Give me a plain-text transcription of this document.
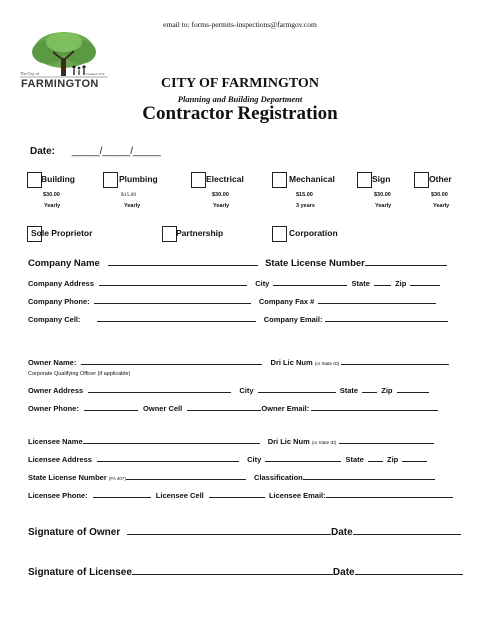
email to: forms-permits-inspections@farmgov.com
The City of	Founded 1876
FARMINGTON	CITY OF FARMINGTON
Planning and Building Department
Contractor Registration
Date: _____/_____/_____
Building
$30.00
Yearly
Plumbing
$15.00
Yearly
Electrical
$30.00
Yearly
Mechanical
$15.00
3 years
Sign
$30.00
Yearly
Other
$30.00
Yearly
Sole Proprietor	Partnership	Corporation
Company Name	State License Number
Company Address	City	State	Zip
Company Phone:	Company Fax #
Company Cell:	Company Email:
Owner Name:	Dri Lic Num (or State ID)
Corporate Qualifying Officer (if applicable)
Owner Address	City	State	Zip
Owner Phone:	Owner Cell	Owner Email:
Licensee Name	Dri Lic Num (or State ID)
Licensee Address	City	State	Zip
State License Number (FA 407)	Classification
Licensee Phone:	Licensee Cell	Licensee Email:
Signature of Owner	Date
Signature of Licensee	Date
